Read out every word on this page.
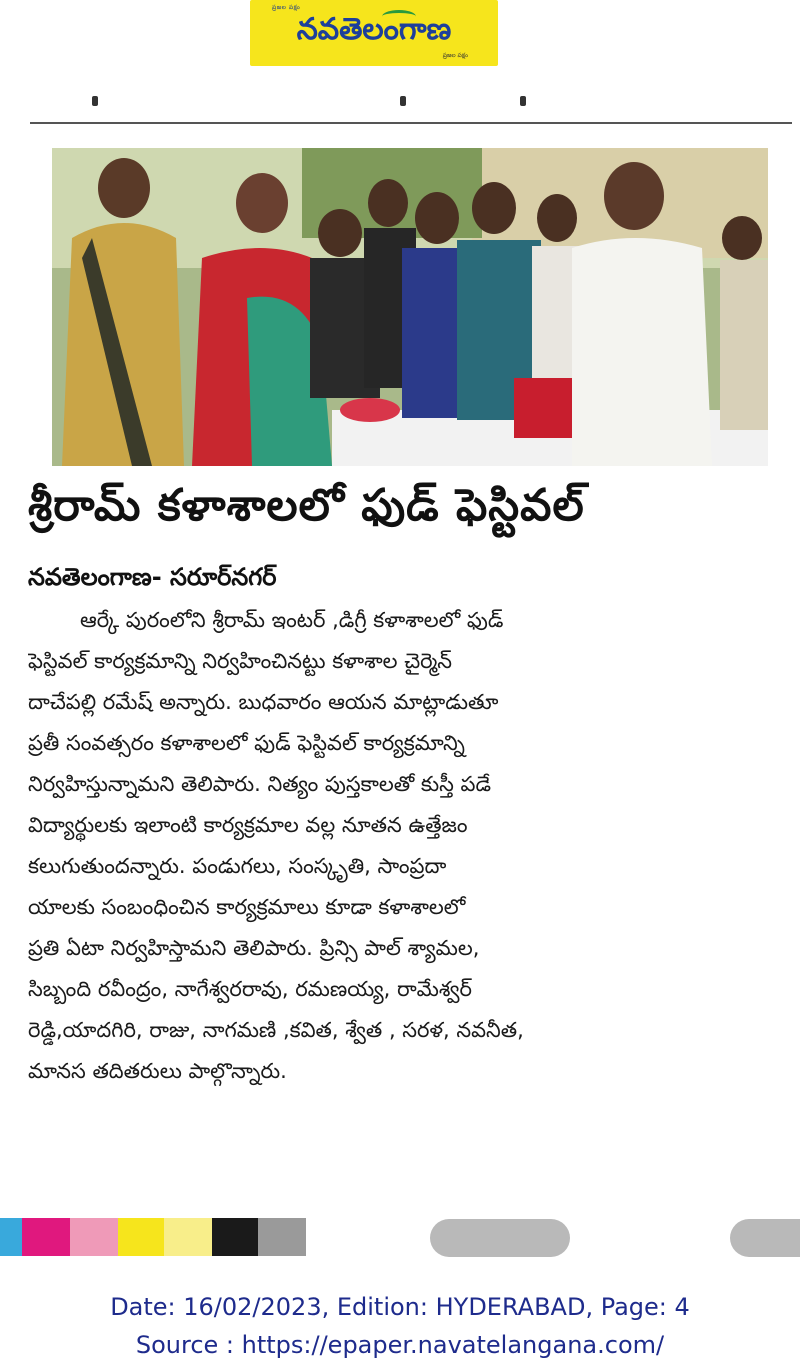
ప్రజల పక్షం
నవతెలంగాణ
ప్రజల పక్షం
శ్రీరామ్ కళాశాలలో ఫుడ్ ఫెస్టివల్
నవతెలంగాణ- సరూర్‌నగర్

ఆర్కే పురంలోని శ్రీరామ్ ఇంటర్ ,డిగ్రీ కళాశాలలో ఫుడ్

ఫెస్టివల్ కార్యక్రమాన్ని నిర్వహించినట్టు కళాశాల చైర్మెన్

దాచేపల్లి రమేష్ అన్నారు. బుధవారం ఆయన మాట్లాడుతూ

ప్రతీ సంవత్సరం కళాశాలలో ఫుడ్ ఫెస్టివల్ కార్యక్రమాన్ని

నిర్వహిస్తున్నామని తెలిపారు. నిత్యం పుస్తకాలతో కుస్తీ పడే

విద్యార్థులకు ఇలాంటి కార్యక్రమాల వల్ల నూతన ఉత్తేజం

కలుగుతుందన్నారు. పండుగలు, సంస్కృతి, సాంప్రదా

యాలకు సంబంధించిన కార్యక్రమాలు కూడా కళాశాలలో

ప్రతి ఏటా నిర్వహిస్తామని తెలిపారు. ప్రిన్సి పాల్ శ్యామల,

సిబ్బంది రవీంద్రం, నాగేశ్వరరావు, రమణయ్య, రామేశ్వర్

రెడ్డి,యాదగిరి, రాజు, నాగమణి ,కవిత, శ్వేత , సరళ, నవనీత,

మానస తదితరులు పాల్గొన్నారు.

Date: 16/02/2023, Edition: HYDERABAD, Page: 4
Source : https://epaper.navatelangana.com/
